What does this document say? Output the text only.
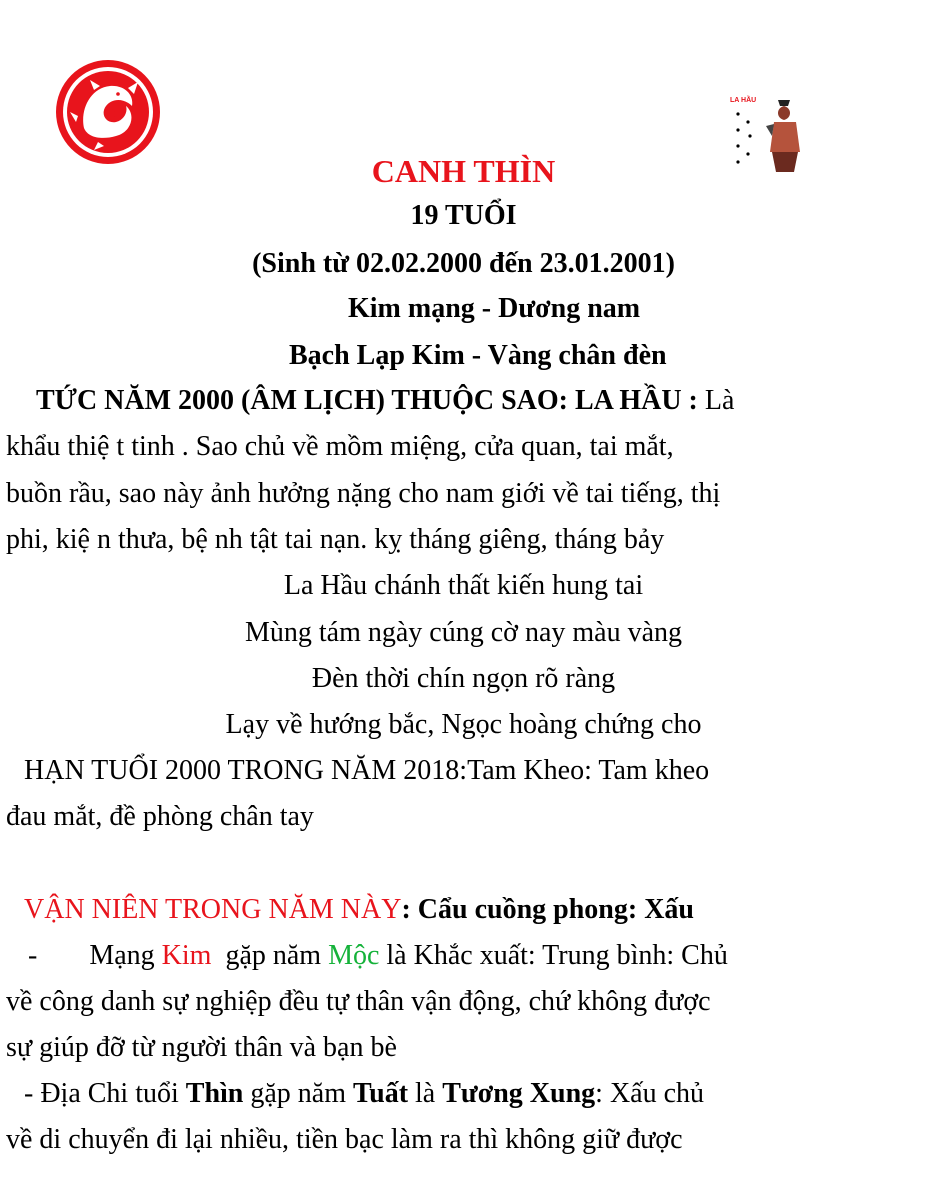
LA HẦU
CANH THÌN
19 TUỔI
(Sinh từ 02.02.2000 đến 23.01.2001)
Kim mạng - Dương nam
Bạch Lạp Kim - Vàng chân đèn
TỨC NĂM 2000 (ÂM LỊCH) THUỘC SAO: LA HẦU : Là
khẩu thiệ t tinh . Sao chủ về mồm miệng, cửa quan, tai mắt,
buồn rầu, sao này ảnh hưởng nặng cho nam giới về tai tiếng, thị
phi, kiệ n thưa, bệ nh tật tai nạn. kỵ tháng giêng, tháng bảy
La Hầu chánh thất kiến hung tai
Mùng tám ngày cúng cờ nay màu vàng
Đèn thời chín ngọn rõ ràng
Lạy về hướng bắc, Ngọc hoàng chứng cho
HẠN TUỔI 2000 TRONG NĂM 2018:Tam Kheo: Tam kheo
đau mắt, đề phòng chân tay
VẬN NIÊN TRONG NĂM NÀY: Cẩu cuồng phong: Xấu
- Mạng Kim  gặp năm Mộc là Khắc xuất: Trung bình: Chủ
về công danh sự nghiệp đều tự thân vận động, chứ không được
sự giúp đỡ từ người thân và bạn bè
- Địa Chi tuổi Thìn gặp năm Tuất là Tương Xung: Xấu chủ
về di chuyển đi lại nhiều, tiền bạc làm ra thì không giữ được
